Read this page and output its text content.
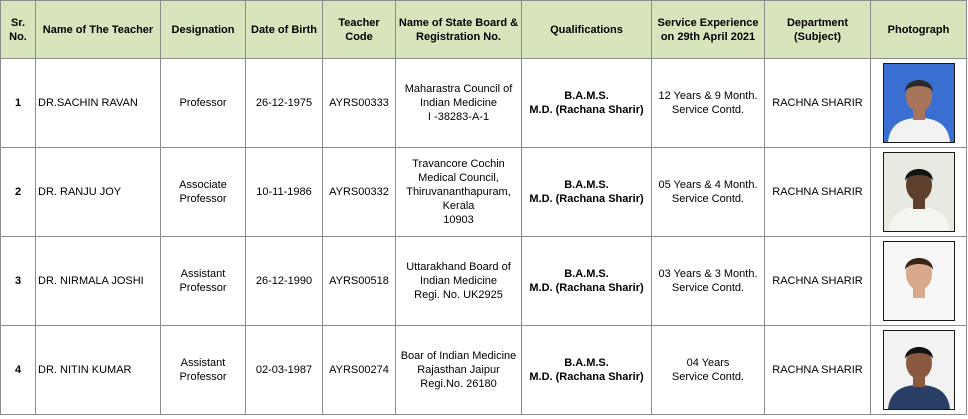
Sr. No.	Name of The Teacher	Designation	Date of Birth	Teacher Code	Name of State Board & Registration No.	Qualifications	Service Experience on 29th April 2021	Department (Subject)	Photograph
1	DR.SACHIN RAVAN	Professor	26-12-1975	AYRS00333	Maharastra Council of
Indian Medicine
I -38283-A-1	B.A.M.S.
M.D. (Rachana Sharir)	12 Years & 9 Month.
Service Contd.	RACHNA SHARIR	

2	DR. RANJU JOY	Associate
Professor	10-11-1986	AYRS00332	Travancore Cochin
Medical Council,
Thiruvananthapuram,
Kerala
10903	B.A.M.S.
M.D. (Rachana Sharir)	05 Years & 4 Month.
Service Contd.	RACHNA SHARIR	

3	DR. NIRMALA JOSHI	Assistant
Professor	26-12-1990	AYRS00518	Uttarakhand Board of
Indian Medicine
Regi. No. UK2925	B.A.M.S.
M.D. (Rachana Sharir)	03 Years & 3 Month.
Service Contd.	RACHNA SHARIR	

4	DR. NITIN KUMAR	Assistant
Professor	02-03-1987	AYRS00274	Boar of Indian Medicine
Rajasthan Jaipur
Regi.No. 26180	B.A.M.S.
M.D. (Rachana Sharir)	04 Years
Service Contd.	RACHNA SHARIR	
